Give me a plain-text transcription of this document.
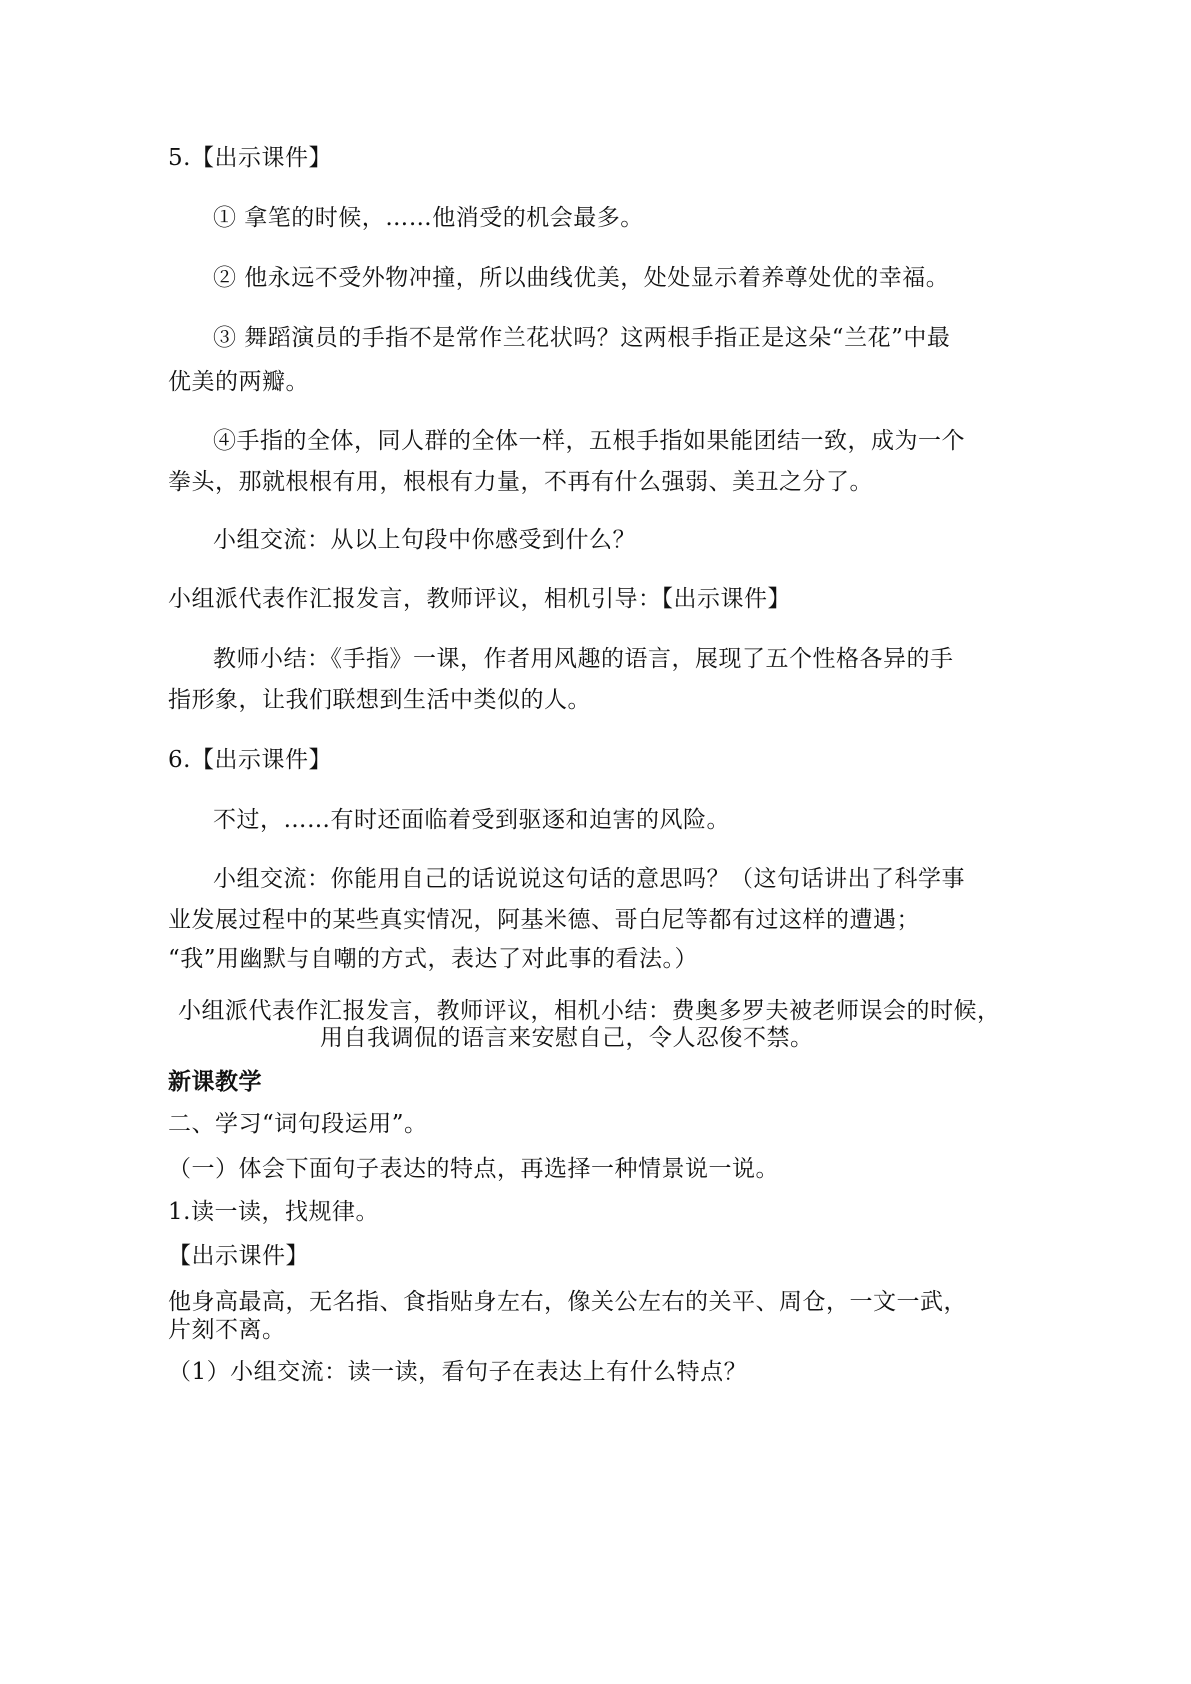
5.【出示课件】
① 拿笔的时候，……他消受的机会最多。
② 他永远不受外物冲撞，所以曲线优美，处处显示着养尊处优的幸福。
③ 舞蹈演员的手指不是常作兰花状吗？这两根手指正是这朵“兰花”中最
优美的两瓣。
④手指的全体，同人群的全体一样，五根手指如果能团结一致，成为一个
拳头，那就根根有用，根根有力量，不再有什么强弱、美丑之分了。
小组交流：从以上句段中你感受到什么？
小组派代表作汇报发言，教师评议，相机引导：【出示课件】
教师小结：《手指》一课，作者用风趣的语言，展现了五个性格各异的手
指形象，让我们联想到生活中类似的人。
6.【出示课件】
不过，……有时还面临着受到驱逐和迫害的风险。
小组交流：你能用自己的话说说这句话的意思吗？（这句话讲出了科学事
业发展过程中的某些真实情况，阿基米德、哥白尼等都有过这样的遭遇；
“我”用幽默与自嘲的方式，表达了对此事的看法。）
小组派代表作汇报发言，教师评议，相机小结：费奥多罗夫被老师误会的时候，
用自我调侃的语言来安慰自己，令人忍俊不禁。
新课教学
二、学习“词句段运用”。
（一）体会下面句子表达的特点，再选择一种情景说一说。
1.读一读，找规律。
【出示课件】
他身高最高，无名指、食指贴身左右，像关公左右的关平、周仓，一文一武，
片刻不离。
（1）小组交流：读一读，看句子在表达上有什么特点？
